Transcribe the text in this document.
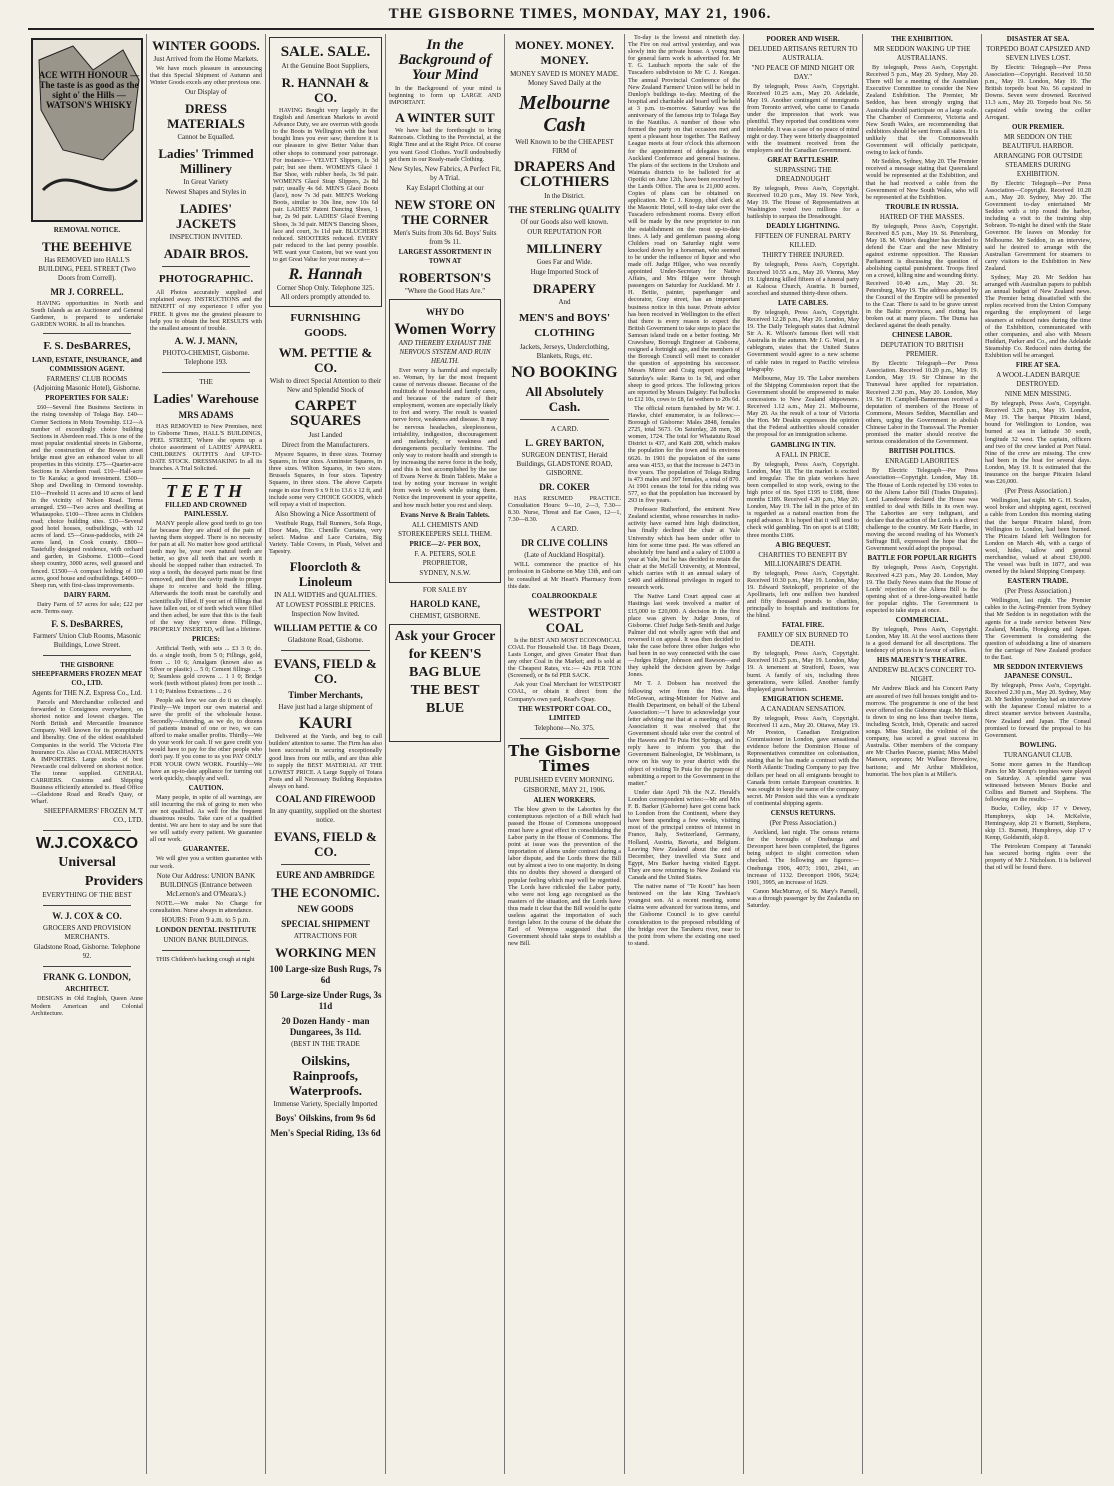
THE GISBORNE TIMES, MONDAY, MAY 21, 1906.
ACE WITH HONOUR — The taste is as good as the sight o' the Hills — WATSON'S WHISKY
REMOVAL NOTICE.
THE BEEHIVE
Has REMOVED into HALL'S BUILDING, PEEL STREET (Two Doors from Correll).
MR J. CORRELL.

HAVING opportunities in North and South Islands as an Auctioneer and General Gardener, is prepared to undertake GARDEN WORK. In all its branches.

F. S. DesBARRES,
LAND, ESTATE, INSURANCE, and COMMISSION AGENT.
FARMERS' CLUB ROOMS (Adjoining Masonic Hotel), Gisborne.
PROPERTIES FOR SALE:

£60—Several fine Business Sections in the rising township of Tolaga Bay. £40—Corner Sections in Motu Township. £12—A number of exceedingly choice building Sections in Aberdeen road. This is one of the most popular residential streets in Gisborne, and the construction of the Bowen street bridge must give an enhanced value to all properties in this vicinity. £75—Quarter-acre Sections in Aberdeen road. £10—Half-acre to Te Karaka; a good investment. £300—Shop and Dwelling in Ormond township. £10—Freehold 11 acres and 10 acres of land in the vicinity of Nelson Road. Terms arranged. £50—Two acres and dwelling at Whataupoko. £100—Three acres in Childers road; choice building sites. £10—Several good hotel houses, outbuildings, with 12 acres of land. £5—Grass-paddocks, with 24 acres land, in Cook county. £800—Tastefully designed residence, with orchard and garden, in Gisborne. £1000—Good sheep country, 3000 acres, well grassed and fenced. £1500—A compact holding of 100 acres, good house and outbuildings. £4000—Sheep run, with first-class improvements.

DAIRY FARM.

Dairy Farm of 57 acres for sale; £22 per acre. Terms easy.

F. S. DesBARRES,
Farmers' Union Club Rooms, Masonic Buildings, Lowe Street.
THE GISBORNE SHEEPFARMERS FROZEN MEAT CO., LTD.
Agents for THE N.Z. Express Co., Ltd.

Parcels and Merchandise collected and forwarded to Consignees everywhere, on shortest notice and lowest charges. The North British and Mercantile Insurance Company. Well known for its promptitude and liberality. One of the oldest established Companies in the world. The Victoria Fire Insurance Co. Also as COAL MERCHANTS & IMPORTERS. Large stocks of best Newcastle coal delivered on shortest notice. The tonne supplied. GENERAL CARRIERS. Customs and Shipping Business efficiently attended to. Head Office—Gladstone Road and Read's Quay, or Wharf.

SHEEPFARMERS' FROZEN M.'T CO., LTD.
W.J.COX&CO
Universal
Providers
EVERYTHING OF THE BEST
W. J. COX & CO.
GROCERS AND PROVISION MERCHANTS.
Gladstone Road, Gisborne. Telephone 92.
FRANK G. LONDON,
ARCHITECT.

DESIGNS in Old English, Queen Anne Modern American and Colonial Architecture.

WINTER GOODS.
Just Arrived from the Home Markets.

We have much pleasure in announcing that this Special Shipment of Autumn and Winter Goods excels any other previous one.

Our Display of
DRESS MATERIALS
Cannot be Equalled.
Ladies' Trimmed Millinery
In Great Variety
Newest Shapes and Styles in
LADIES' JACKETS
INSPECTION INVITED.
ADAIR BROS.
PHOTOGRAPHIC.

All Photos accurately supplied and explained away. INSTRUCTIONS and the BENEFIT of my experience I offer you FREE. It gives me the greatest pleasure to help you to obtain the best RESULTS with the smallest amount of trouble.

A. W. J. MANN,
PHOTO-CHEMIST, Gisborne. Telephone 193.
THE
Ladies' Warehouse
MRS ADAMS

HAS REMOVED to New Premises, next to Gisborne Times, HALL'S BUILDINGS, PEEL STREET, Where she opens up a choice assortment of LADIES' APPAREL CHILDREN'S OUTFITS And UP-TO-DATE STOCK. DRESSMAKING In all its branches. A Trial Solicited.

TEETH
FILLED AND CROWNED PAINLESSLY.

MANY people allow good teeth to go too far because they are afraid of the pain of having them stopped. There is no necessity for pain at all. No matter how good artificial teeth may be, your own natural teeth are better, so give all teeth that are worth it should be stopped rather than extracted. To stop a tooth, the decayed parts must be first removed, and then the cavity made to proper shape to receive and hold the filling. Afterwards the tooth must be carefully and scientifically filled. If your set of fillings that have fallen out, or of teeth which were filled and then ached, be sure that this is the fault of the way they were done. Fillings, PROPERLY INSERTED, will last a lifetime.

PRICES:

Artificial Teeth, with sets ... £3 3 0; do. do. a single tooth, from 5 0; Fillings, gold, from ... 10 6; Amalgam (known also as Silver or plastic) ... 5 0; Cement fillings ... 5 0; Seamless gold crowns ... 1 1 0; Bridge work (teeth without plates) from per tooth ... 1 1 0; Painless Extractions ... 2 6

People ask how we can do it so cheaply. Firstly—We import our own material and save the profit of the wholesale house. Secondly—Attending, as we do, to dozens of patients instead of one or two, we can afford to make smaller profits. Thirdly—We do your work for cash. If we gave credit you would have to pay for the other people who don't pay. If you come to us you PAY ONLY FOR YOUR OWN WORK. Fourthly—We have an up-to-date appliance for turning out work quickly, cheaply and well.

CAUTION.

Many people, in spite of all warnings, are still incurring the risk of going to men who are not qualified. As well for the frequent disastrous results. Take care of a qualified dentist. We are here to stay and be sure that we will satisfy every patient. We guarantee all our work.

GUARANTEE.

We will give you a written guarantee with our work.

Note Our Address: UNION BANK BUILDINGS (Entrance between McLernon's and O'Meara's.)

NOTE.—We make No Charge for consultation. Nurse always in attendance.

HOURS: From 9 a.m. to 5 p.m.
LONDON DENTAL INSTITUTE
UNION BANK BUILDINGS.

THIS Children's hacking cough at night

SALE. SALE.
At the Genuine Boot Suppliers,
R. HANNAH & CO.

HAVING Bought very largely in the English and American Markets to avoid Advance Duty, we are overrun with goods to the Boots in Wellington with the best bought lines you ever saw; therefore it is our pleasure to give Better Value than other shops to command your patronage. For instance— VELVET Slippers, ls 3d pair; but see them. WOMEN'S Glacé 1 Bar Shoe, with rubber heels, 3s 9d pair. WOMEN'S Glacé Strap Slippers, 2s 8d pair; usually 4s 6d. MEN'S Glacé Boots (lace), now 7s 3d pair. MEN'S Working Boots, similar to 30s line, now 10s 6d pair. LADIES' Patent Dancing Shoes, 1 bar, 2s 9d pair. LADIES' Glacé Evening Shoes, 3s 3d pair. MEN'S Dancing Shoes, lace and court, 3s 11d pair. BLUCHERS reduced. SHOOTERS reduced. EVERY pair reduced to the last penny possible. WE want your Custom, but we want you to get Great Value for your money at—

R. Hannah
Corner Shop Only. Telephone 325. All orders promptly attended to.
FURNISHING GOODS.
WM. PETTIE & CO.
Wish to direct Special Attention to their New and Splendid Stock of
CARPET SQUARES
Just Landed
Direct from the Manufacturers.

Mysore Squares, in three sizes. Tournay Squares, in four sizes. Axminster Squares, in three sizes. Wilton Squares, in two sizes. Brussels Squares, in four sizes. Tapestry Squares, in three sizes. The above Carpets range in size from 9 x 9 ft to 13.6 x 12 ft, and include some very CHOICE GOODS, which will repay a visit of inspection.

Also Showing a Nice Assortment of

Vestibule Rugs, Hall Runners, Sofa Rugs, Door Mats, Etc. Chenille Curtains, very select. Madras and Lace Curtains, Big Variety. Table Covers, in Plush, Velvet and Tapestry.

Floorcloth & Linoleum
IN ALL WIDTHS and QUALITIES.
AT LOWEST POSSIBLE PRICES. Inspection Now Invited.
WILLIAM PETTIE & CO
Gladstone Road, Gisborne.
EVANS, FIELD & CO.
Timber Merchants,
Have just had a large shipment of
KAURI

Delivered at the Yards, and beg to call builders' attention to same. The Firm has also been successful in securing exceptionally good lines from our mills, and are thus able to supply the BEST MATERIAL AT THE LOWEST PRICE. A Large Supply of Totara Posts and all Necessary Building Requisites always on hand.

COAL AND FIREWOOD
In any quantity, supplied on the shortest notice.
EVANS, FIELD & CO.
EURE AND AMBRIDGE
THE ECONOMIC.
NEW GOODS
SPECIAL SHIPMENT
ATTRACTIONS FOR
WORKING MEN
100 Large-size Bush Rugs, 7s 6d
50 Large-size Under Rugs, 3s 11d
20 Dozen Handy - man Dungarees, 3s 11d.
(BEST IN THE TRADE
Oilskins, Rainproofs, Waterproofs.
Immense Variety, Specially Imported
Boys' Oilskins, from 9s 6d
Men's Special Riding, 13s 6d
In the Background of Your Mind

In the Background of your mind is beginning to form up LARGE AND IMPORTANT.

A WINTER SUIT

We have had the forethought to bring Raincoats. Clothing to the Provincial, at the Right Time and at the Right Price. Of course you want Good Clothes. You'll undoubtedly get them in our Ready-made Clothing.

New Styles, New Fabrics, A Perfect Fit, by A Trial.
Kay Eslaprl Clothing at our
NEW STORE ON THE CORNER
Men's Suits from 30s 6d. Boys' Suits from 9s 11.
LARGEST ASSORTMENT IN TOWN AT
ROBERTSON'S
"Where the Good Hats Are."
WHY DO
Women Worry
AND THEREBY EXHAUST THE NERVOUS SYSTEM AND RUIN HEALTH.

Ever worry is harmful and especially so. Woman, by far the most frequent cause of nervous disease. Because of the multitude of household and family cares, and because of the nature of their employment, women are especially likely to fret and worry. The result is wasted nerve force, weakness and disease. It may be nervous headaches, sleeplessness, irritability, indigestion, discouragement and melancholy, or weakness and derangements peculiarly feminine. The only way to restore health and strength is by increasing the nerve force in the body, and this is best accomplished by the use of Evans Nerve & Brain Tablets. Make a test by noting your increase in weight from week to week while using them. Notice the improvement in your appetite, and how much better you rest and sleep.

Evans Nerve & Brain Tablets.
ALL CHEMISTS AND STOREKEEPERS SELL THEM.
PRICE—2/- PER BOX,
F. A. PETERS, SOLE PROPRIETOR,
SYDNEY, N.S.W.
FOR SALE BY
HAROLD KANE,
CHEMIST, GISBORNE.
Ask your Grocer for KEEN'S BAG BLUE THE BEST BLUE
MONEY. MONEY. MONEY.
MONEY SAVED IS MONEY MADE. Money Saved Daily at the
Melbourne Cash
Well Known to be the CHEAPEST FIRM of
DRAPERS And CLOTHIERS
In the District.
THE STERLING QUALITY
Of our Goods also well known.
OUR REPUTATION FOR
MILLINERY
Goes Far and Wide.
Huge Imported Stock of
DRAPERY
And
MEN'S and BOYS' CLOTHING
Jackets, Jerseys, Underclothing, Blankets, Rugs, etc.
NO BOOKING
All Absolutely Cash.
A CARD.
L. GREY BARTON,
SURGEON DENTIST, Heraid Buildings, GLADSTONE ROAD, GISBORNE.
DR. COKER

HAS RESUMED PRACTICE. Consultation Hours: 9—10, 2—3, 7.30—8.30. Nurse, Threat and Ear Cases, 12—1, 7.30—8.30.

A CARD.
DR CLIVE COLLINS
(Late of Auckland Hospital).

WILL commence the practice of his profession in Gisborne on May 13th, and can be consulted at Mr Heart's Pharmacy from this date.

COALBROOKDALE
WESTPORT COAL

Is the BEST AND MOST ECONOMICAL COAL For Household Use. 18 Bags Dozen, Lasts Longer, and gives Greater Heat than any other Coal in the Market; and is sold at the Cheapest Rates, viz.:— 42s PER TON (Screened), or 8s 6d PER SACK.

Ask your Coal Merchant for WESTPORT COAL, or obtain it direct from the Company's own yard, Read's Quay.

THE WESTPORT COAL CO., LIMITED
Telephone—No. 375.
The Gisborne Times
PUBLISHED EVERY MORNING.
GISBORNE, MAY 21, 1906.
ALIEN WORKERS.

The blow given to the Laborites by the contemptuous rejection of a Bill which had passed the House of Commons unopposed must have a great effect in consolidating the Labor party in the House of Commons. The point at issue was the prevention of the importation of aliens under contract during a labor dispute, and the Lords threw the Bill out by almost a two to one majority. In doing this no doubts they showed a disregard of popular feeling which may well be regretted. The Lords have ridiculed the Labor party, who were not long ago recognised as the masters of the situation, and the Lords have thus made it clear that the Bill would be quite useless against the importation of such foreign labor. In the course of the debate the Earl of Wemyss suggested that the Government should take steps to establish a new Bill.

To-day is the lowest and ninetieth day. The Fire on real arrival yesterday, and was slowly into the private house. A young man for general farm work is advertised for. Mr T. G. Laubach reports the sale of the Tuscadero subdivision to Mr C. J. Keegan. The annual Provincial Conference of the New Zealand Farmers' Union will be held in Dunlop's buildings to-day. Meeting of the hospital and charitable aid board will be held at 3 p.m. to-morrow. Saturday was the anniversary of the famous trip to Tolaga Bay in the Nautilus. A number of those who formed the party on that occasion met and spent a pleasant hour together. The Railway League meets at four o'clock this afternoon for the appointment of delegates to the Auckland Conference and general business. The plans of the sections in the Uruhoto and Waimata districts to be balloted for at Opotiki on June 12th, have been received by the Lands Office. The area is 21,000 acres. Copies of plans can be obtained on application. Mr C. J. Knopp, chief clerk at the Masonic Hotel, will to-day take over the Tuscadero refreshment rooms. Every effort will be made by the new proprietor to run the establishment on the most up-to-date lines. A lady and gentleman passing along Childers road on Saturday night were knocked down by a horseman, who seemed to be under the influence of liquor and who made off. Judge Hilgee, who was recently appointed Under-Secretary for Native Affairs, and Mrs Hilgee were through passengers on Saturday for Auckland. Mr J. H. Bettie, painter, paperhanger and decorator, Gray street, has an important business notice in this issue. Private advice has been received in Wellington to the effect that there is every reason to expect the British Government to take steps to place the Samoan island trade on a better footing. Mr Crawshaw, Borough Engineer at Gisborne, resigned a fortnight ago, and the members of the Borough Council will meet to consider the question of appointing his successor. Messrs Mirror and Craig report regarding Saturday's sale: Rams to 1s 9d, and other sheep to good prices. The following prices are reported by Messrs Dalgety: Fat bullocks to £12 10s, cows to £8, fat wethers to 20s 6d.

The official return furnished by Mr W. J. Hawke, chief enumerator, is as follows:—Borough of Gisborne: Males 2848, females 2725, total 5673. On Saturday, 28 men, 38 women, 1724. The total for Whatatutu Road District is 437, and Kaiti 208, which makes the population for the town and its environs 6626. In 1901 the population of the same area was 4153, so that the increase is 2473 in five years. The population of Tolaga Riding is 473 males and 397 females, a total of 870. At 1901 census the total for this riding was 577, so that the population has increased by 293 in five years.

Professor Rutherford, the eminent New Zealand scientist, whose researches in radio-activity have earned him high distinction, has finally declined the chair at Yale University which has been under offer to him for some time past. He was offered an absolutely free hand and a salary of £1000 a year at Yale, but he has decided to retain the chair at the McGill University, at Montreal, which carries with it an annual salary of £400 and additional privileges in regard to research work.

The Native Land Court appeal case at Hastings last week involved a matter of £15,000 to £20,000. A decision in the first place was given by Judge Jones, of Gisborne. Chief Judge Seth-Smith and Judge Palmer did not wholly agree with that and reversed it on appeal. It was then decided to take the case before three other Judges who had been in no way connected with the case—Judges Edger, Johnson and Rawson—and they upheld the decision given by Judge Jones.

Mr T. J. Dobson has received the following wire from the Hon. Jas. McGowan, acting-Minister for Native and Health Department, on behalf of the Liberal Association:—"I have to acknowledge your letter advising me that at a meeting of your Association it was resolved that the Government should take over the control of the Hawera and Te Puia Hot Springs, and in reply have to inform you that the Government Balneologist, Dr Wohlmann, is now on his way to your district with the object of visiting Te Puia for the purpose of submitting a report to the Government in the matter."

Under date April 7th the N.Z. Herald's London correspondent writes:—Mr and Mrs F. B. Barker (Gisborne) have got come back to London from the Continent, where they have been spending a few weeks, visiting most of the principal centres of interest in France, Italy, Switzerland, Germany, Holland, Austria, Bavaria, and Belgium. Leaving New Zealand about the end of December, they travelled via Suez and Egypt, Mrs Barker having visited Egypt. They are now returning to New Zealand via Canada and the United States.

The native name of "Te Kooti" has been bestowed on the late King Tawhiao's youngest son. At a recent meeting, some claims were advanced for various items, and the Gisborne Council is to give careful consideration to the proposed rebuilding of the bridge over the Taruheru river, near to the point from where the existing one used to stand.

POORER AND WISER.
DELUDED ARTISANS RETURN TO AUSTRALIA.
"NO PEACE OF MIND NIGHT OR DAY."

By telegraph, Press Ass'n, Copyright. Received 10.25 a.m., May 20. Adelaide, May 19. Another contingent of immigrants from Toronto arrived, who came to Canada under the impression that work was plentiful. They reported that conditions were intolerable. It was a case of no peace of mind night or day. They were bitterly disappointed with the treatment received from the employers and the Canadian Government.

GREAT BATTLESHIP.
SURPASSING THE DREADNOUGHT

By telegraph, Press Ass'n, Copyright. Received 10.20 p.m., May 19. New York, May 19. The House of Representatives at Washington voted two millions for a battleship to surpass the Dreadnought.

DEADLY LIGHTNING.
FIFTEEN OF FUNERAL PARTY KILLED.
THIRTY THREE INJURED.

By telegraph, Press Ass'n, Copyright. Received 10.55 a.m., May 20. Vienna, May 19. Lightning killed fifteen of a funeral party at Kalocsa Church, Austria. It burned, scorched and stunned thirty-three others.

LATE CABLES.

By telegraph, Press Ass'n, Copyright. Received 12.28 p.m., May 20. London, May 19. The Daily Telegraph states that Admiral Sir A. K. Wilson's famous fleet will visit Australia in the autumn. Mr J. G. Ward, in a cablegram, states that the United States Government would agree to a new scheme of cable rates in regard to Pacific wireless telegraphy.

Melbourne, May 19. The Labor members of the Shipping Commission report that the Government should be empowered to make concessions to New Zealand shipowners. Received 1.12 a.m., May 21. Melbourne, May 20. As the result of a tour of Victoria the Hon. Mr Deakin expresses the opinion that the Federal authorities should consider the proposal for an immigration scheme.

GAMBLING IN TIN.
A FALL IN PRICE.

By telegraph, Press Ass'n, Copyright. London, May 18. The tin market is excited and irregular. The tin plate workers have been compelled to stop work, owing to the high price of tin. Spot £195 to £188, three months £189. Received 4.20 p.m., May 20. London, May 19. The fall in the price of tin is regarded as a natural reaction from the rapid advance. It is hoped that it will tend to check wild gambling. Tin on spot is at £188; three months £186.

A BIG BEQUEST.
CHARITIES TO BENEFIT BY MILLIONAIRE'S DEATH.

By telegraph, Press Ass'n, Copyright. Received 10.30 p.m., May 19. London, May 19. Edward Steinkopff, proprietor of the Apollinaris, left one million two hundred and fifty thousand pounds to charities, principally to hospitals and institutions for the blind.

FATAL FIRE.
FAMILY OF SIX BURNED TO DEATH.

By telegraph, Press Ass'n, Copyright. Received 10.25 p.m., May 19. London, May 19. A tenement at Stratford, Essex, was burnt. A family of six, including three generations, were killed. Another family displayed great heroism.

EMIGRATION SCHEME.
A CANADIAN SENSATION.

By telegraph, Press Ass'n, Copyright. Received 11 a.m., May 20. Ottawa, May 19. Mr Preston, Canadian Emigration Commissioner in London, gave sensational evidence before the Dominion House of Representatives committee on colonisation, stating that he has made a contract with the North Atlantic Trading Company to pay five dollars per head on all emigrants brought to Canada from certain European countries. It was sought to keep the name of the company secret. Mr Preston said this was a syndicate of continental shipping agents.

CENSUS RETURNS.
(Per Press Association.)

Auckland, last night. The census returns for the boroughs of Onehunga and Devonport have been completed, the figures being subject to slight correction when checked. The following are figures:—Onehunga 1906, 4073; 1901, 2941, an increase of 1132. Devonport 1906, 5624; 1901, 3995, an increase of 1629.

Canon MacMurray, of St. Mary's Parnell, was a through passenger by the Zealandia on Saturday.

THE EXHIBITION.
MR SEDDON WAKING UP THE AUSTRALIANS.

By telegraph, Press Ass'n, Copyright. Received 5 p.m., May 20. Sydney, May 20. There will be a meeting of the Australian Executive Committee to consider the New Zealand Exhibition. The Premier, Mr Seddon, has been strongly urging that Australia should participate on a large scale. The Chamber of Commerce, Victoria and New South Wales, are recommending that exhibitors should be sent from all states. It is unlikely that the Commonwealth Government will officially participate, owing to lack of funds.

Mr Seddon, Sydney, May 20. The Premier received a message stating that Queensland would be represented at the Exhibition, and that he had received a cable from the Government of New South Wales, who will be represented at the Exhibition.

TROUBLE IN RUSSIA.
HATRED OF THE MASSES.

By telegraph, Press Ass'n, Copyright. Received 8.5 p.m., May 19. St. Petersburg, May 18. M. Witte's daughter has decided to defend the Czar and the new Ministry against extreme opposition. The Russian Parliament is discussing the question of abolishing capital punishment. Troops fired on a crowd, killing nine and wounding thirty. Received 10.40 a.m., May 20. St. Petersburg, May 19. The address adopted by the Council of the Empire will be presented to the Czar. There is said to be grave unrest in the Baltic provinces, and rioting has broken out at many places. The Duma has declared against the death penalty.

CHINESE LABOR.
DEPUTATION TO BRITISH PREMIER.

By Electric Telegraph—Per Press Association. Received 10.20 p.m., May 19. London, May 19. Sir Chinese in the Transvaal have applied for repatriation. Received 2.30 p.m., May 20. London, May 19. Sir H. Campbell-Bannerman received a deputation of members of the House of Commons, Messrs Seddon, Macmillan and others, urging the Government to abolish Chinese Labor in the Transvaal. The Premier promised the matter should receive the serious consideration of the Government.

BRITISH POLITICS.
ENRAGED LABORITES

By Electric Telegraph—Per Press Association—Copyright. London, May 18. The House of Lords rejected by 136 votes to 60 the Aliens Labor Bill (Trades Disputes). Lord Lansdowne declared the House was entitled to deal with Bills in its own way. The Laborites are very indignant, and declare that the action of the Lords is a direct challenge to the country. Mr Keir Hardie, in moving the second reading of his Women's Suffrage Bill, expressed the hope that the Government would adopt the proposal.

BATTLE FOR POPULAR RIGHTS

By telegraph, Press Ass'n, Copyright. Received 4.23 p.m., May 20. London, May 19. The Daily News states that the House of Lords' rejection of the Aliens Bill is the opening shot of a three-long-awaited battle for popular rights. The Government is expected to take steps at once.

COMMERCIAL.

By telegraph, Press Ass'n, Copyright. London, May 18. At the wool auctions there is a good demand for all descriptions. The tendency of prices is in favour of sellers.

HIS MAJESTY'S THEATRE.
ANDREW BLACK'S CONCERT TO-NIGHT.

Mr Andrew Black and his Concert Party are assured of two full houses tonight and to-morrow. The programme is one of the best ever offered on the Gisborne stage. Mr Black is down to sing no less than twelve items, including Scotch, Irish, Operatic and sacred songs. Miss Sinclair, the violinist of the company, has scored a great success in Australia. Other members of the company are Mr Charles Pascoe, pianist; Miss Mabel Manson, soprano; Mr Wallace Brownlow, baritone; and Mr Arthur Middleton, humorist. The box plan is at Miller's.

DISASTER AT SEA.
TORPEDO BOAT CAPSIZED AND SEVEN LIVES LOST.

By Electric Telegraph—Per Press Association—Copyright. Received 10.50 p.m., May 19. London, May 19. The British torpedo boat No. 56 capsized in Downs. Seven were drowned. Received 11.3 a.m., May 20. Torpedo boat No. 56 capsized while towing the collier Arrogant.

OUR PREMIER.
MR SEDDON ON THE BEAUTIFUL HARBOR.
ARRANGING FOR OUTSIDE STEAMERS DURING EXHIBITION.

By Electric Telegraph—Per Press Association—Copyright. Received 10.28 a.m., May 20. Sydney, May 20. The Government to-day entertained Mr Seddon with a trip round the harbor, including a visit to the training ship Sobraon. To-night he dined with the State Governor. He leaves on Monday for Melbourne. Mr Seddon, in an interview, said he desired to arrange with the Australian Government for steamers to carry visitors to the Exhibition in New Zealand.

Sydney, May 20. Mr Seddon has arranged with Australian papers to publish an annual budget of New Zealand news. The Premier being dissatisfied with the replies received from the Union Company regarding the employment of large steamers at reduced rates during the time of the Exhibition, communicated with other companies, and also with Messrs Huddart, Parker and Co., and the Adelaide Steamship Co. Reduced rates during the Exhibition will be arranged.

FIRE AT SEA.
A WOOL-LADEN BARQUE DESTROYED.
NINE MEN MISSING.

By telegraph, Press Ass'n, Copyright. Received 3.28 p.m., May 19. London, May 19. The barque Pitcairn Island, bound for Wellington to London, was burned at sea in latitude 30 south, longitude 32 west. The captain, officers and two of the crew landed at Port Natal. Nine of the crew are missing. The crew had been in the boat for several days. London, May 19. It is estimated that the insurance on the barque Pitcairn Island was £26,000.

(Per Press Association.)

Wellington, last night. Mr G. H. Scales, wool broker and shipping agent, received a cable from London this morning stating that the barque Pitcairn Island, from Wellington to London, had been burned. The Pitcairn Island left Wellington for London on March 4th, with a cargo of wool, hides, tallow and general merchandise, valued at about £30,000. The vessel was built in 1877, and was owned by the Island Shipping Company.

EASTERN TRADE.
(Per Press Association.)

Wellington, last night. The Premier cables to the Acting-Premier from Sydney that Mr Seddon is in negotiation with the agents for a trade service between New Zealand, Manila, Hongkong and Japan. The Government is considering the question of subsidising a line of steamers for the carriage of New Zealand produce to the East.

MR SEDDON INTERVIEWS JAPANESE CONSUL.

By telegraph, Press Ass'n, Copyright. Received 2.30 p.m., May 20. Sydney, May 20. Mr Seddon yesterday had an interview with the Japanese Consul relative to a direct steamer service between Australia, New Zealand and Japan. The Consul promised to forward the proposal to his Government.

BOWLING.
TURANGANUI CLUB.

Some more games in the Handicap Pairs for Mr Kemp's trophies were played on Saturday. A splendid game was witnessed between Messrs Bucke and Collins and Burnett and Stephens. The following are the results:—

Bucke, Colley, skip 17 v Dewey, Humphreys, skip 14. McKelvie, Hemingway, skip 21 v Burnett, Stephens, skip 13. Burnett, Humphreys, skip 17 v Kemp, Goldsmith, skip 8.

The Petroleum Company at Taranaki has secured boring rights over the property of Mr J. Nicholson. It is believed that oil will be found there.
